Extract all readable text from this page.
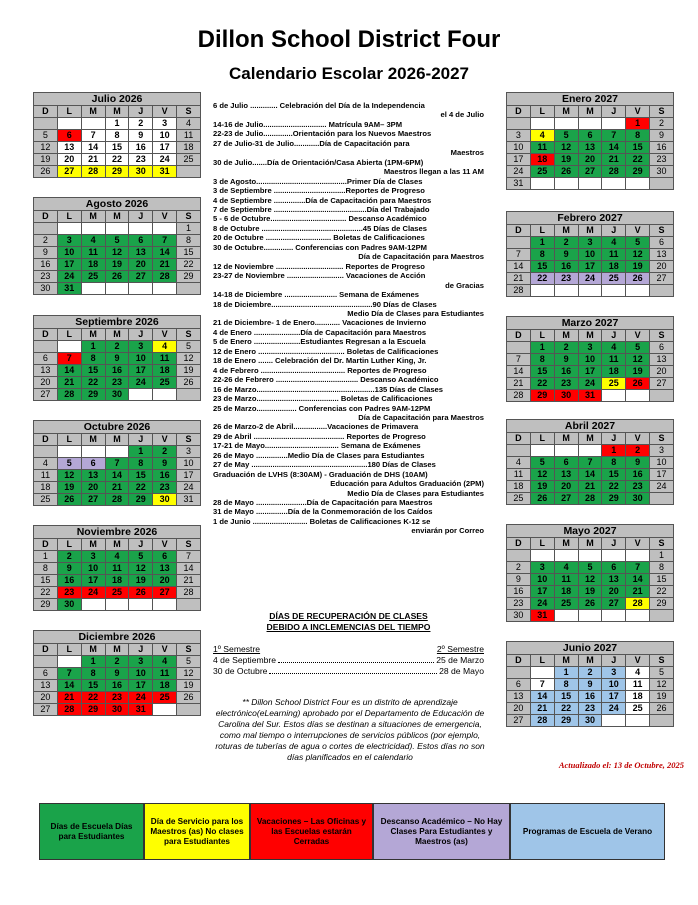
Dillon School District Four
Calendario Escolar 2026-2027
Julio 2026						
D	L	M	M	J	V	S
			1	2	3	4
5	6	7	8	9	10	11
12	13	14	15	16	17	18
19	20	21	22	23	24	25
26	27	28	29	30	31	
Agosto 2026						
D	L	M	M	J	V	S
						1
2	3	4	5	6	7	8
9	10	11	12	13	14	15
16	17	18	19	20	21	22
23	24	25	26	27	28	29
30	31					
Septiembre 2026						
D	L	M	M	J	V	S
		1	2	3	4	5
6	7	8	9	10	11	12
13	14	15	16	17	18	19
20	21	22	23	24	25	26
27	28	29	30			
Octubre 2026						
D	L	M	M	J	V	S
				1	2	3
4	5	6	7	8	9	10
11	12	13	14	15	16	17
18	19	20	21	22	23	24
25	26	27	28	29	30	31
Noviembre 2026						
D	L	M	M	J	V	S
1	2	3	4	5	6	7
8	9	10	11	12	13	14
15	16	17	18	19	20	21
22	23	24	25	26	27	28
29	30					
Diciembre 2026						
D	L	M	M	J	V	S
		1	2	3	4	5
6	7	8	9	10	11	12
13	14	15	16	17	18	19
20	21	22	23	24	25	26
27	28	29	30	31		
Enero 2027						
D	L	M	M	J	V	S
					1	2
3	4	5	6	7	8	9
10	11	12	13	14	15	16
17	18	19	20	21	22	23
24	25	26	27	28	29	30
31						
Febrero 2027						
D	L	M	M	J	V	S
	1	2	3	4	5	6
7	8	9	10	11	12	13
14	15	16	17	18	19	20
21	22	23	24	25	26	27
28						
Marzo 2027						
D	L	M	M	J	V	S
	1	2	3	4	5	6
7	8	9	10	11	12	13
14	15	16	17	18	19	20
21	22	23	24	25	26	27
28	29	30	31			
Abril 2027						
D	L	M	M	J	V	S
				1	2	3
4	5	6	7	8	9	10
11	12	13	14	15	16	17
18	19	20	21	22	23	24
25	26	27	28	29	30	
Mayo 2027						
D	L	M	M	J	V	S
						1
2	3	4	5	6	7	8
9	10	11	12	13	14	15
16	17	18	19	20	21	22
23	24	25	26	27	28	29
30	31					
Junio 2027						
D	L	M	M	J	V	S
		1	2	3	4	5
6	7	8	9	10	11	12
13	14	15	16	17	18	19
20	21	22	23	24	25	26
27	28	29	30			
6 de Julio ............. Celebración del Día de la Independencia
el 4 de Julio
14-16 de Julio.............................. Matrícula 9AM– 3PM
22-23 de Julio..............Orientación para los Nuevos Maestros
27 de Julio-31 de Julio............Día de Capacitación para
Maestros
30 de Julio.......Día de Orientación/Casa Abierta (1PM-6PM)
Maestros llegan a las 11 AM
3 de Agosto...........................................Primer Día de Clases
3 de Septiembre ..................................Reportes de Progreso
4 de Septiembre ...............Día de Capacitación para Maestros
7 de Septiembre ............................................Día del Trabajado
5 - 6 de Octubre.................................... Descanso Académico
8 de Octubre ................................................45 Días de Clases
20 de Octubre ............................... Boletas de Calificaciones
30 de Octubre.............. Conferencias con Padres 9AM-12PM
Día de Capacitación para Maestros
12 de Noviembre ................................ Reportes de Progreso
23-27 de Noviembre ........................... Vacaciones de Acción
de Gracias
14-18 de Diciembre ......................... Semana de Exámenes
18 de Diciembre................................................90 Días de Clases
Medio Día de Clases para Estudiantes
21 de Diciembre- 1 de Enero............ Vacaciones de Invierno
4 de Enero ......................Día de Capacitación para Maestros
5 de Enero ......................Estudiantes Regresan a la Escuela
12 de Enero ......................................... Boletas de Calificaciones
18 de Enero ....... Celebración del Dr. Martin Luther King, Jr.
4 de Febrero ........................................ Reportes de Progreso
22-26 de Febrero ....................................... Descanso Académico
16 de Marzo........................................................135 Días de Clases
23 de Marzo....................................... Boletas de Calificaciones
25 de Marzo................... Conferencias con Padres 9AM-12PM
Día de Capacitación para Maestros
26 de Marzo-2 de Abril................Vacaciones de Primavera
29 de Abril ........................................... Reportes de Progreso
17-21 de Mayo................................... Semana de Exámenes
26 de Mayo ...............Medio Día de Clases para Estudiantes
27 de May .......................................................180 Días de Clases
Graduación de LVHS (8:30AM) - Graduación de DHS (10AM)
Educación para Adultos Graduación (2PM)
Medio Día de Clases para Estudiantes
28 de Mayo ........................Día de Capacitación para Maestros
31 de Mayo ...............Día de la Conmemoración de los Caídos
1 de Junio .......................... Boletas de Calificaciones K-12 se
enviarán por Correo
DÍAS DE RECUPERACIÓN DE CLASES
DEBIDO A INCLEMENCIAS DEL TIEMPO
1º Semestre	2º Semestre
4 de Septiembre	25 de Marzo
30 de Octubre	28 de Mayo
** Dillon School District Four es un distrito de aprendizaje electrónico(eLearning) aprobado por el Departamento de Educación de Carolina del Sur. Estos días se destinan a situaciones de emergencia, como mal tiempo o interrupciones de servicios públicos (por ejemplo, roturas de tuberías de agua o cortes de electricidad). Estos días no son días planificados en el calendario
Actualizado el: 13 de Octubre, 2025
Días de Escuela Días para Estudiantes
Día de Servicio para los Maestros (as) No clases para Estudiantes
Vacaciones – Las Oficinas y las Escuelas estarán Cerradas
Descanso Académico – No Hay Clases Para Estudiantes y Maestros (as)
Programas de Escuela de Verano
